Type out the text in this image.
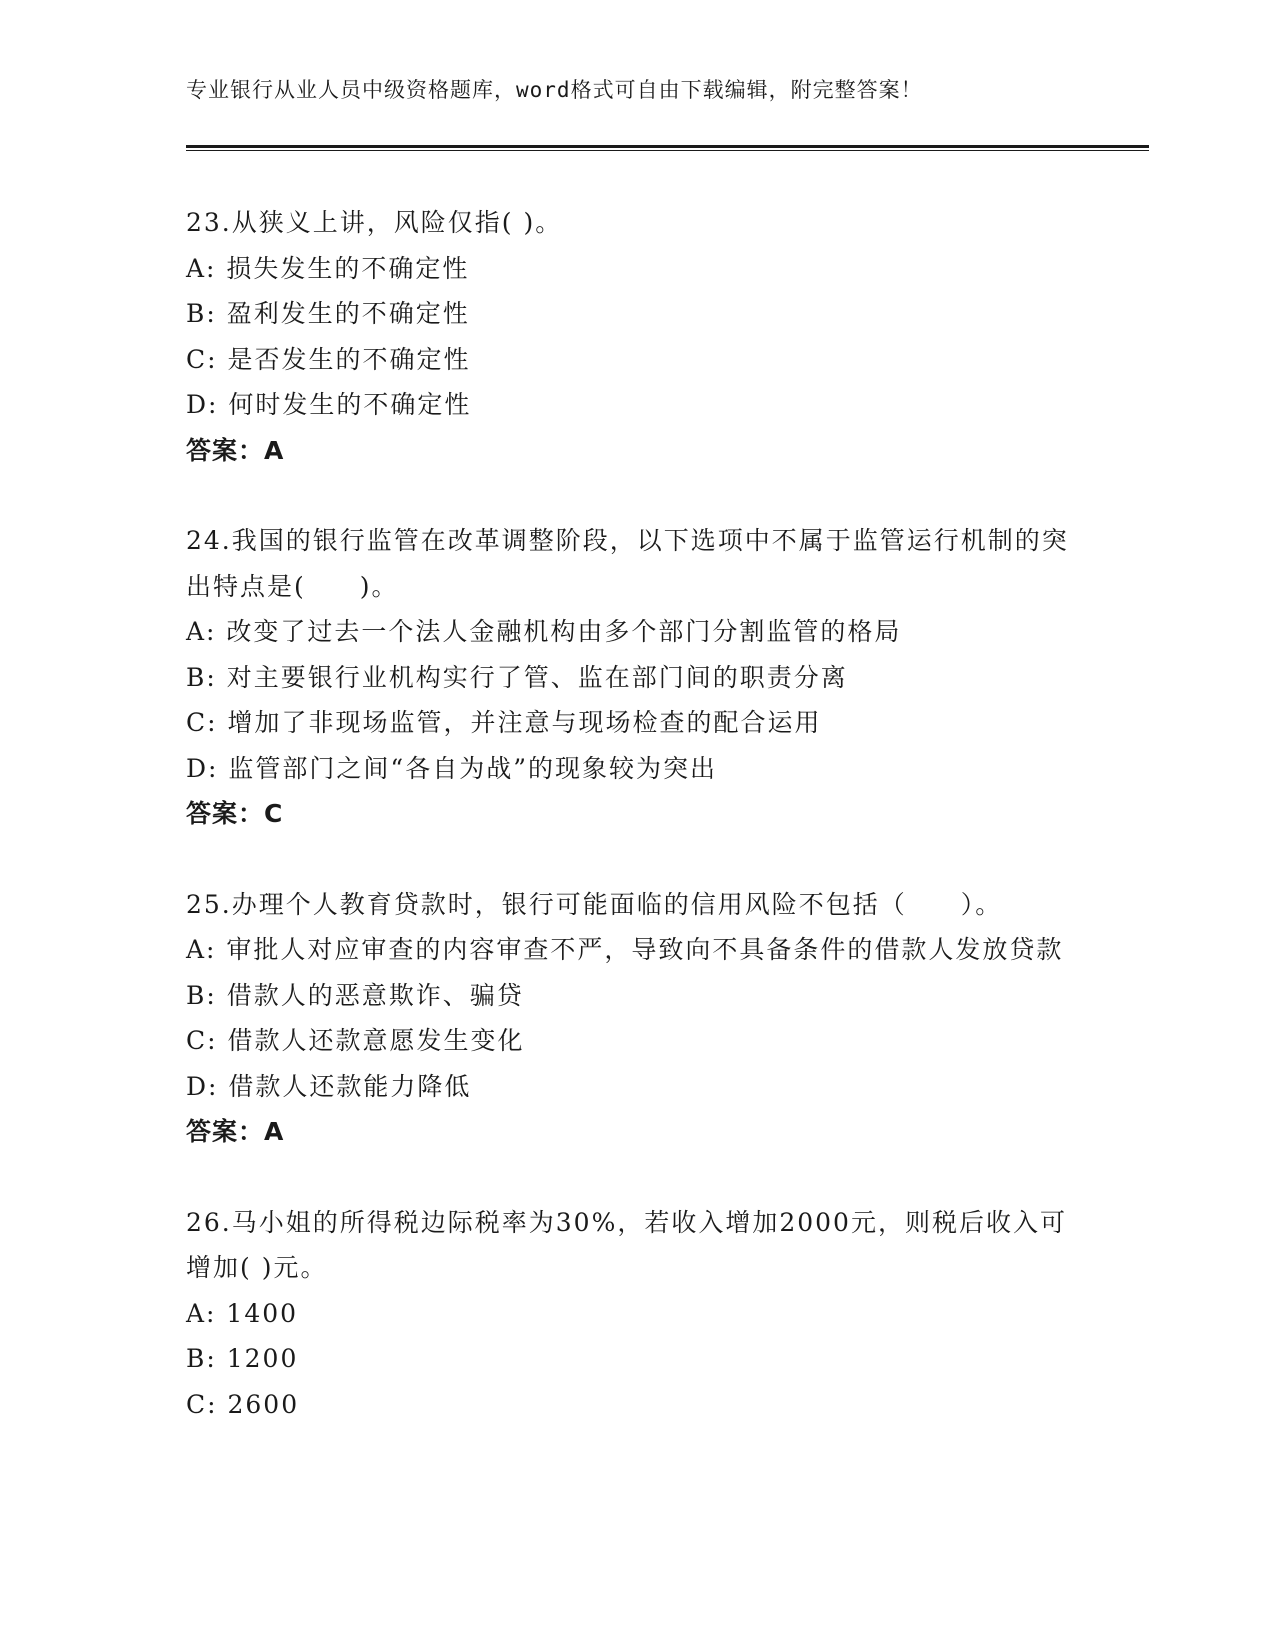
专业银行从业人员中级资格题库，word格式可自由下载编辑，附完整答案！
23.从狭义上讲，风险仅指( )。
A: 损失发生的不确定性
B: 盈利发生的不确定性
C: 是否发生的不确定性
D: 何时发生的不确定性
答案：A
24.我国的银行监管在改革调整阶段，以下选项中不属于监管运行机制的突出特点是(　　)。
A: 改变了过去一个法人金融机构由多个部门分割监管的格局
B: 对主要银行业机构实行了管、监在部门间的职责分离
C: 增加了非现场监管，并注意与现场检查的配合运用
D: 监管部门之间“各自为战”的现象较为突出
答案：C
25.办理个人教育贷款时，银行可能面临的信用风险不包括（　　）。
A: 审批人对应审查的内容审查不严，导致向不具备条件的借款人发放贷款
B: 借款人的恶意欺诈、骗贷
C: 借款人还款意愿发生变化
D: 借款人还款能力降低
答案：A
26.马小姐的所得税边际税率为30%，若收入增加2000元，则税后收入可增加( )元。
A: 1400
B: 1200
C: 2600
